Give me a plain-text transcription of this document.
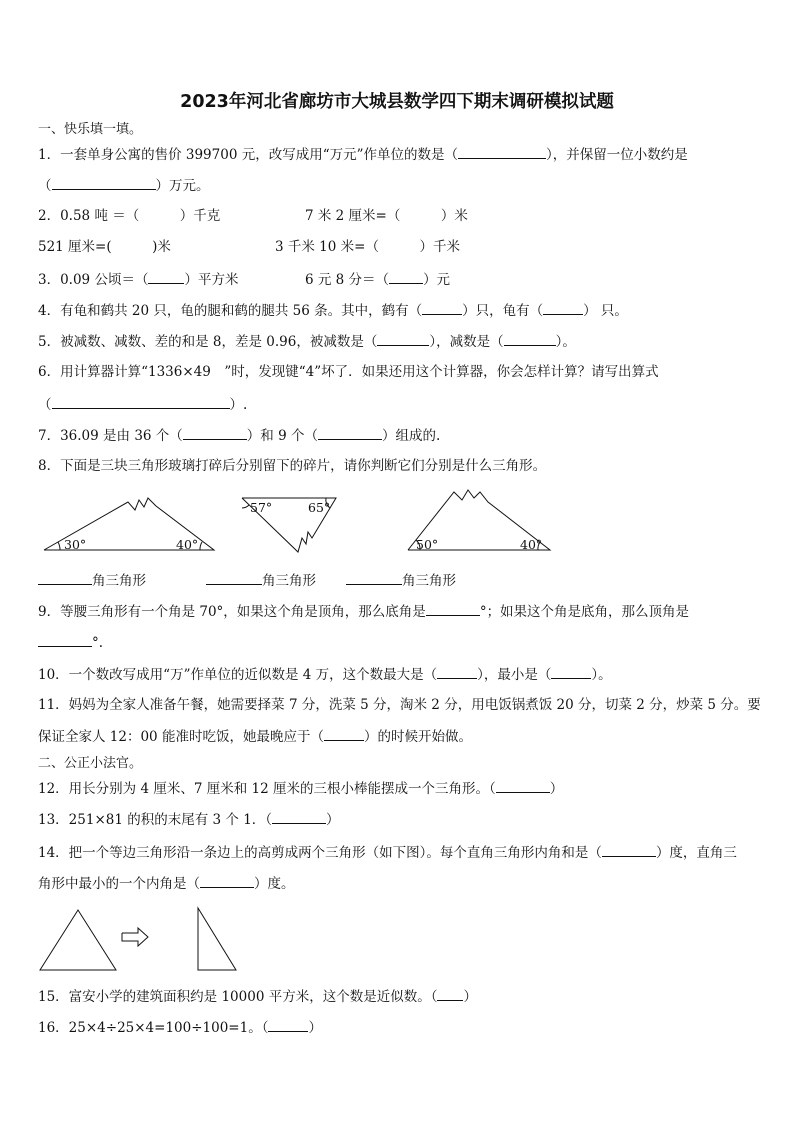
2023年河北省廊坊市大城县数学四下期末调研模拟试题
一、快乐填一填。
1．一套单身公寓的售价 399700 元，改写成用“万元”作单位的数是（	），并保留一位小数约是
（	）万元。
2．0.58 吨 ＝（　　　）千克	7 米 2 厘米=（　　　）米
521 厘米=(　　　)米	3 千米 10 米=（　　　）千米
3．0.09 公顷＝（	）平方米	6 元 8 分＝（	）元
4．有龟和鹤共 20 只，龟的腿和鹤的腿共 56 条。其中，鹤有（	）只，龟有（	） 只。
5．被减数、减数、差的和是 8，差是 0.96，被减数是（	），减数是（	）。
6．用计算器计算“1336×49　”时，发现键“4”坏了．如果还用这个计算器，你会怎样计算？请写出算式
（	）.
7．36.09 是由 36 个（	）和 9 个（	）组成的.
8．下面是三块三角形玻璃打碎后分别留下的碎片，请你判断它们分别是什么三角形。
30°	40°
57°	65°
50°	40°
角三角形	角三角形	角三角形
9．等腰三角形有一个角是 70°，如果这个角是顶角，那么底角是	°；如果这个角是底角，那么顶角是
°.
10．一个数改写成用“万”作单位的近似数是 4 万，这个数最大是（	），最小是（	）。
11．妈妈为全家人准备午餐，她需要择菜 7 分，洗菜 5 分，淘米 2 分，用电饭锅煮饭 20 分，切菜 2 分，炒菜 5 分。要
保证全家人 12：00 能准时吃饭，她最晚应于（	）的时候开始做。
二、公正小法官。
12．用长分别为 4 厘米、7 厘米和 12 厘米的三根小棒能摆成一个三角形。（	）
13．251×81 的积的末尾有 3 个 1．（	）
14．把一个等边三角形沿一条边上的高剪成两个三角形（如下图）。每个直角三角形内角和是（	）度，直角三
角形中最小的一个内角是（	）度。
15．富安小学的建筑面积约是 10000 平方米，这个数是近似数。（ ）
16．25×4÷25×4=100÷100=1。（	）
